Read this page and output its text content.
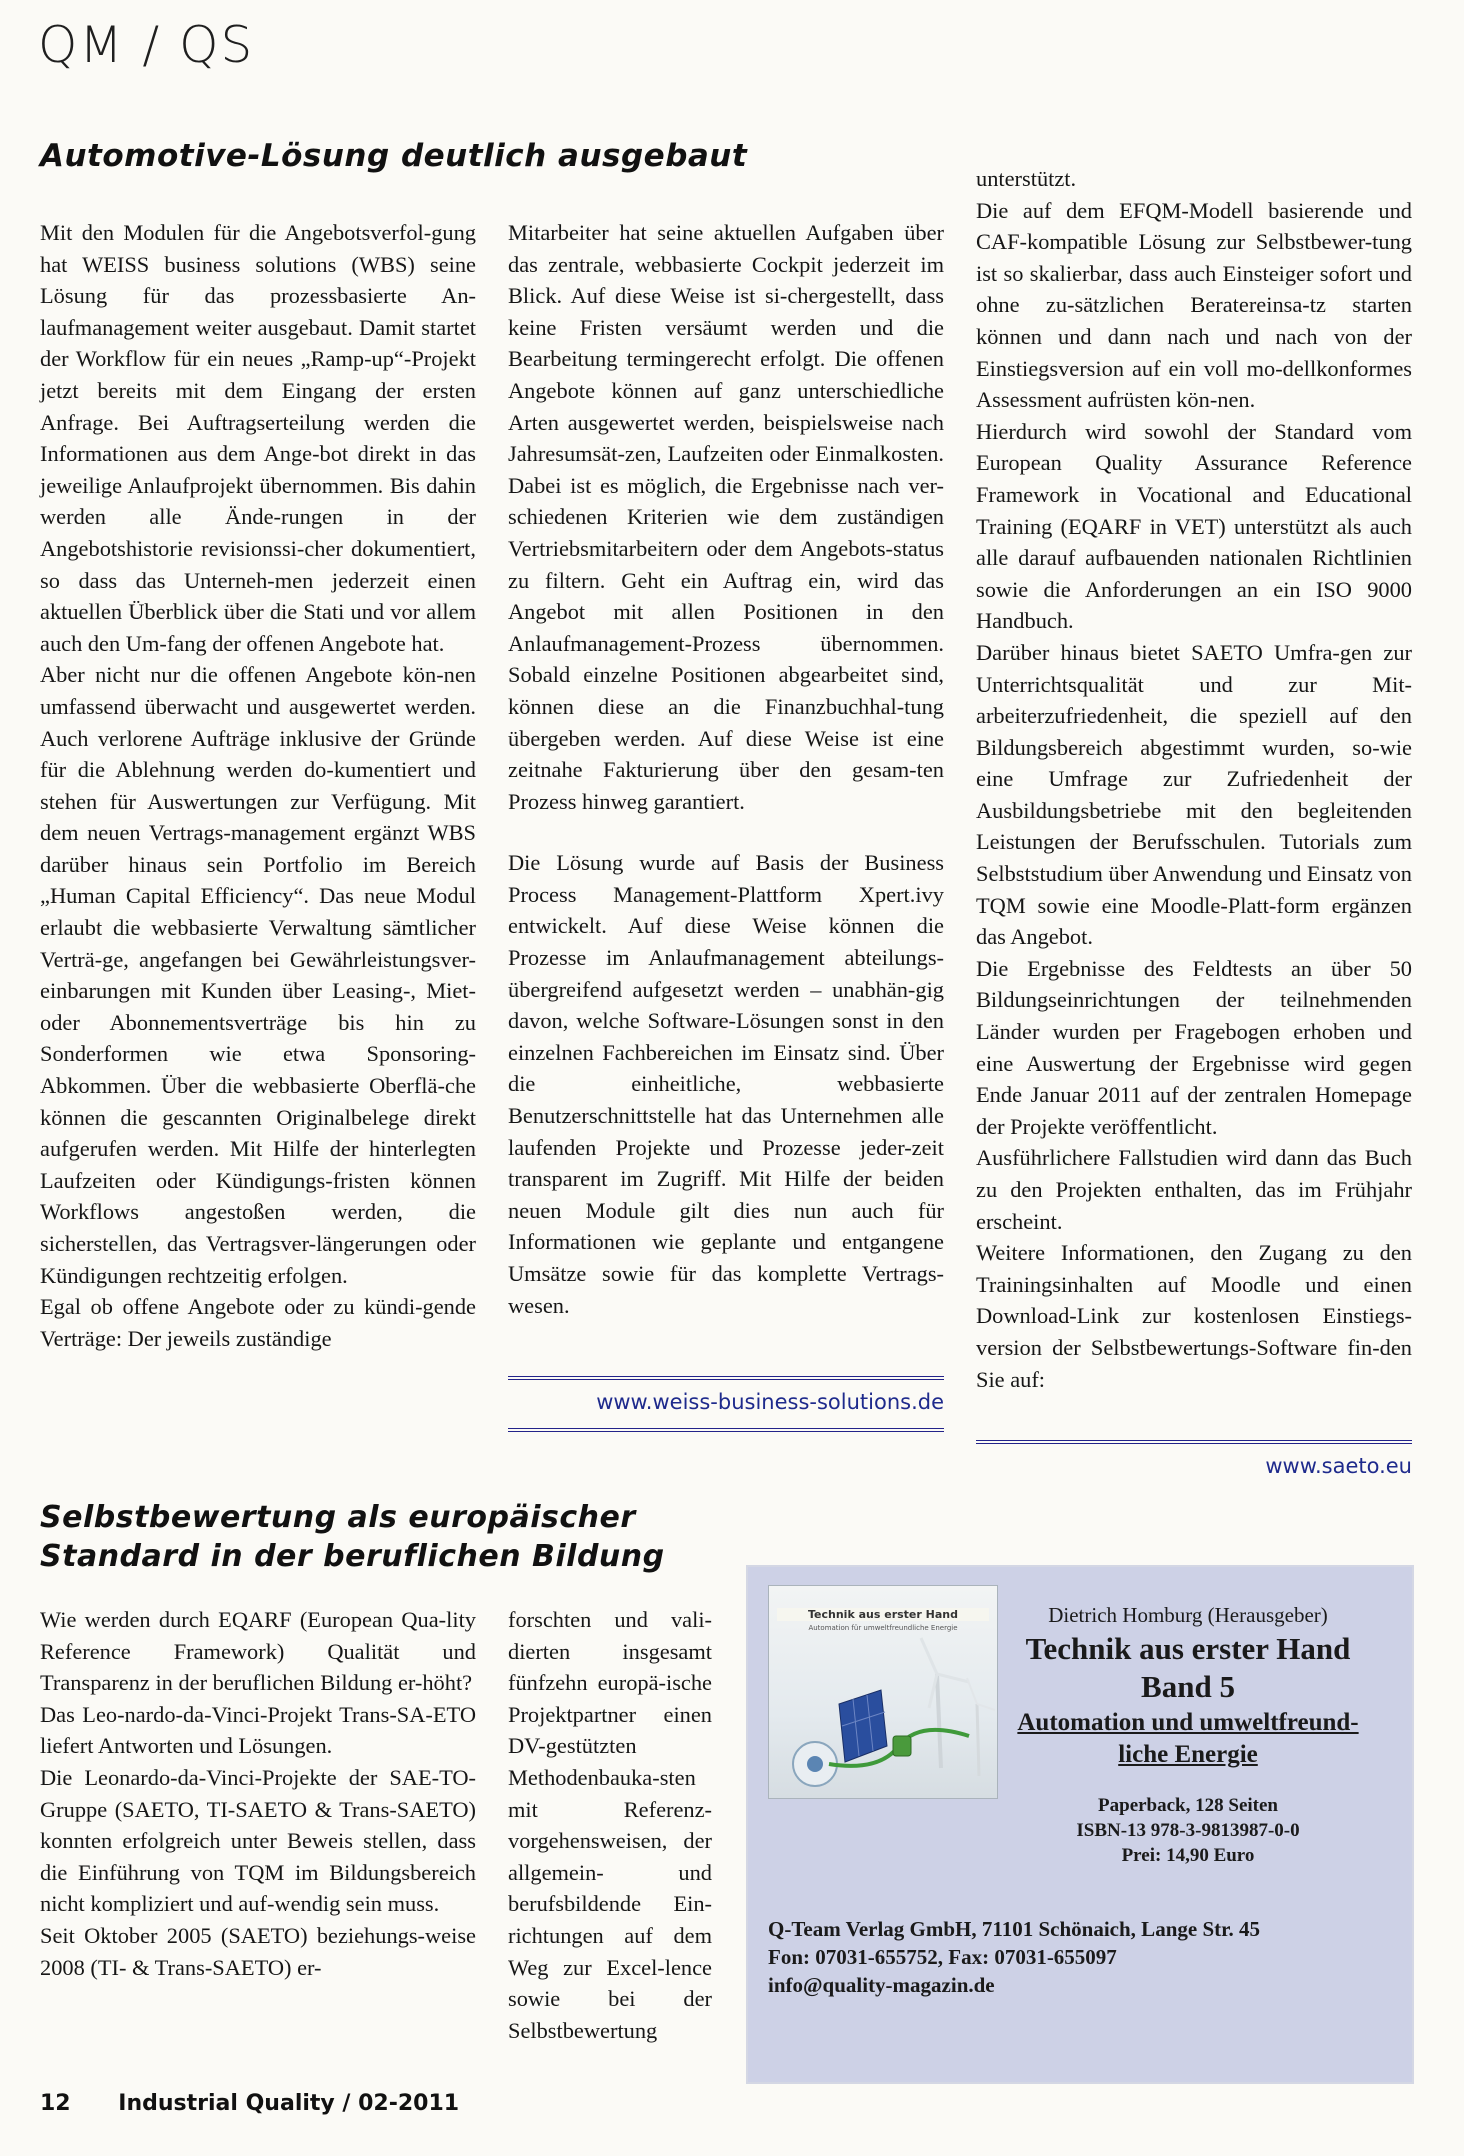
QM / QS
Automotive-Lösung deutlich ausgebaut

Mit den Modulen für die Angebotsverfol-gung hat WEISS business solutions (WBS) seine Lösung für das prozessbasierte An-laufmanagement weiter ausgebaut. Damit startet der Workflow für ein neues „Ramp-up“-Projekt jetzt bereits mit dem Eingang der ersten Anfrage. Bei Auftragserteilung werden die Informationen aus dem Ange-bot direkt in das jeweilige Anlaufprojekt übernommen. Bis dahin werden alle Ände-rungen in der Angebotshistorie revisionssi-cher dokumentiert, so dass das Unterneh-men jederzeit einen aktuellen Überblick über die Stati und vor allem auch den Um-fang der offenen Angebote hat.

Aber nicht nur die offenen Angebote kön-nen umfassend überwacht und ausgewertet werden. Auch verlorene Aufträge inklusive der Gründe für die Ablehnung werden do-kumentiert und stehen für Auswertungen zur Verfügung. Mit dem neuen Vertrags-management ergänzt WBS darüber hinaus sein Portfolio im Bereich „Human Capital Efficiency“. Das neue Modul erlaubt die webbasierte Verwaltung sämtlicher Verträ-ge, angefangen bei Gewährleistungsver-einbarungen mit Kunden über Leasing-, Miet- oder Abonnementsverträge bis hin zu Sonderformen wie etwa Sponsoring-Abkommen. Über die webbasierte Oberflä-che können die gescannten Originalbelege direkt aufgerufen werden. Mit Hilfe der hinterlegten Laufzeiten oder Kündigungs-fristen können Workflows angestoßen werden, die sicherstellen, das Vertragsver-längerungen oder Kündigungen rechtzeitig erfolgen.

Egal ob offene Angebote oder zu kündi-gende Verträge: Der jeweils zuständige

Mitarbeiter hat seine aktuellen Aufgaben über das zentrale, webbasierte Cockpit jederzeit im Blick. Auf diese Weise ist si-chergestellt, dass keine Fristen versäumt werden und die Bearbeitung termingerecht erfolgt. Die offenen Angebote können auf ganz unterschiedliche Arten ausgewertet werden, beispielsweise nach Jahresumsät-zen, Laufzeiten oder Einmalkosten. Dabei ist es möglich, die Ergebnisse nach ver-schiedenen Kriterien wie dem zuständigen Vertriebsmitarbeitern oder dem Angebots-status zu filtern. Geht ein Auftrag ein, wird das Angebot mit allen Positionen in den Anlaufmanagement-Prozess übernommen. Sobald einzelne Positionen abgearbeitet sind, können diese an die Finanzbuchhal-tung übergeben werden. Auf diese Weise ist eine zeitnahe Fakturierung über den gesam-ten Prozess hinweg garantiert.

Die Lösung wurde auf Basis der Business Process Management-Plattform Xpert.ivy entwickelt. Auf diese Weise können die Prozesse im Anlaufmanagement abteilungs-übergreifend aufgesetzt werden – unabhän-gig davon, welche Software-Lösungen sonst in den einzelnen Fachbereichen im Einsatz sind. Über die einheitliche, webbasierte Benutzerschnittstelle hat das Unternehmen alle laufenden Projekte und Prozesse jeder-zeit transparent im Zugriff. Mit Hilfe der beiden neuen Module gilt dies nun auch für Informationen wie geplante und entgangene Umsätze sowie für das komplette Vertrags-wesen.

www.weiss-business-solutions.de

unterstützt.

Die auf dem EFQM-Modell basierende und CAF-kompatible Lösung zur Selbstbewer-tung ist so skalierbar, dass auch Einsteiger sofort und ohne zu-sätzlichen Beratereinsa-tz starten können und dann nach und nach von der Einstiegsversion auf ein voll mo-dellkonformes Assessment aufrüsten kön-nen.

Hierdurch wird sowohl der Standard vom European Quality Assurance Reference Framework in Vocational and Educational Training (EQARF in VET) unterstützt als auch alle darauf aufbauenden nationalen Richtlinien sowie die Anforderungen an ein ISO 9000 Handbuch.

Darüber hinaus bietet SAETO Umfra-gen zur Unterrichtsqualität und zur Mit-arbeiterzufriedenheit, die speziell auf den Bildungsbereich abgestimmt wurden, so-wie eine Umfrage zur Zufriedenheit der Ausbildungsbetriebe mit den begleitenden Leistungen der Berufsschulen. Tutorials zum Selbststudium über Anwendung und Einsatz von TQM sowie eine Moodle-Platt-form ergänzen das Angebot.

Die Ergebnisse des Feldtests an über 50 Bildungseinrichtungen der teilnehmenden Länder wurden per Fragebogen erhoben und eine Auswertung der Ergebnisse wird gegen Ende Januar 2011 auf der zentralen Homepage der Projekte veröffentlicht.

Ausführlichere Fallstudien wird dann das Buch zu den Projekten enthalten, das im Frühjahr erscheint.

Weitere Informationen, den Zugang zu den Trainingsinhalten auf Moodle und einen Download-Link zur kostenlosen Einstiegs-version der Selbstbewertungs-Software fin-den Sie auf:

www.saeto.eu
Selbstbewertung als europäischer
Standard in der beruflichen Bildung

Wie werden durch EQARF (European Qua-lity Reference Framework) Qualität und Transparenz in der beruflichen Bildung er-höht?

Das Leo-nardo-da-Vinci-Projekt Trans-SA-ETO liefert Antworten und Lösungen.

Die Leonardo-da-Vinci-Projekte der SAE-TO-Gruppe (SAETO, TI-SAETO & Trans-SAETO) konnten erfolgreich unter Beweis stellen, dass die Einführung von TQM im Bildungsbereich nicht kompliziert und auf-wendig sein muss.

Seit Oktober 2005 (SAETO) beziehungs-weise 2008 (TI- & Trans-SAETO) er-

forschten und vali-dierten insgesamt fünfzehn europä-ische Projektpartner einen DV-gestützten Methodenbauka-sten mit Referenz-vorgehensweisen, der allgemein- und berufsbildende Ein-richtungen auf dem Weg zur Excel-lence sowie bei der Selbstbewertung

Technik aus erster Hand
Automation für umweltfreundliche Energie

Dietrich Homburg (Herausgeber)

Technik aus erster Hand

Band 5

Automation und umweltfreund-

liche Energie

Paperback, 128 Seiten

ISBN-13 978-3-9813987-0-0

Prei: 14,90 Euro

Q-Team Verlag GmbH, 71101 Schönaich, Lange Str. 45
Fon: 07031-655752, Fax: 07031-655097
info@quality-magazin.de

12 Industrial Quality / 02-2011
